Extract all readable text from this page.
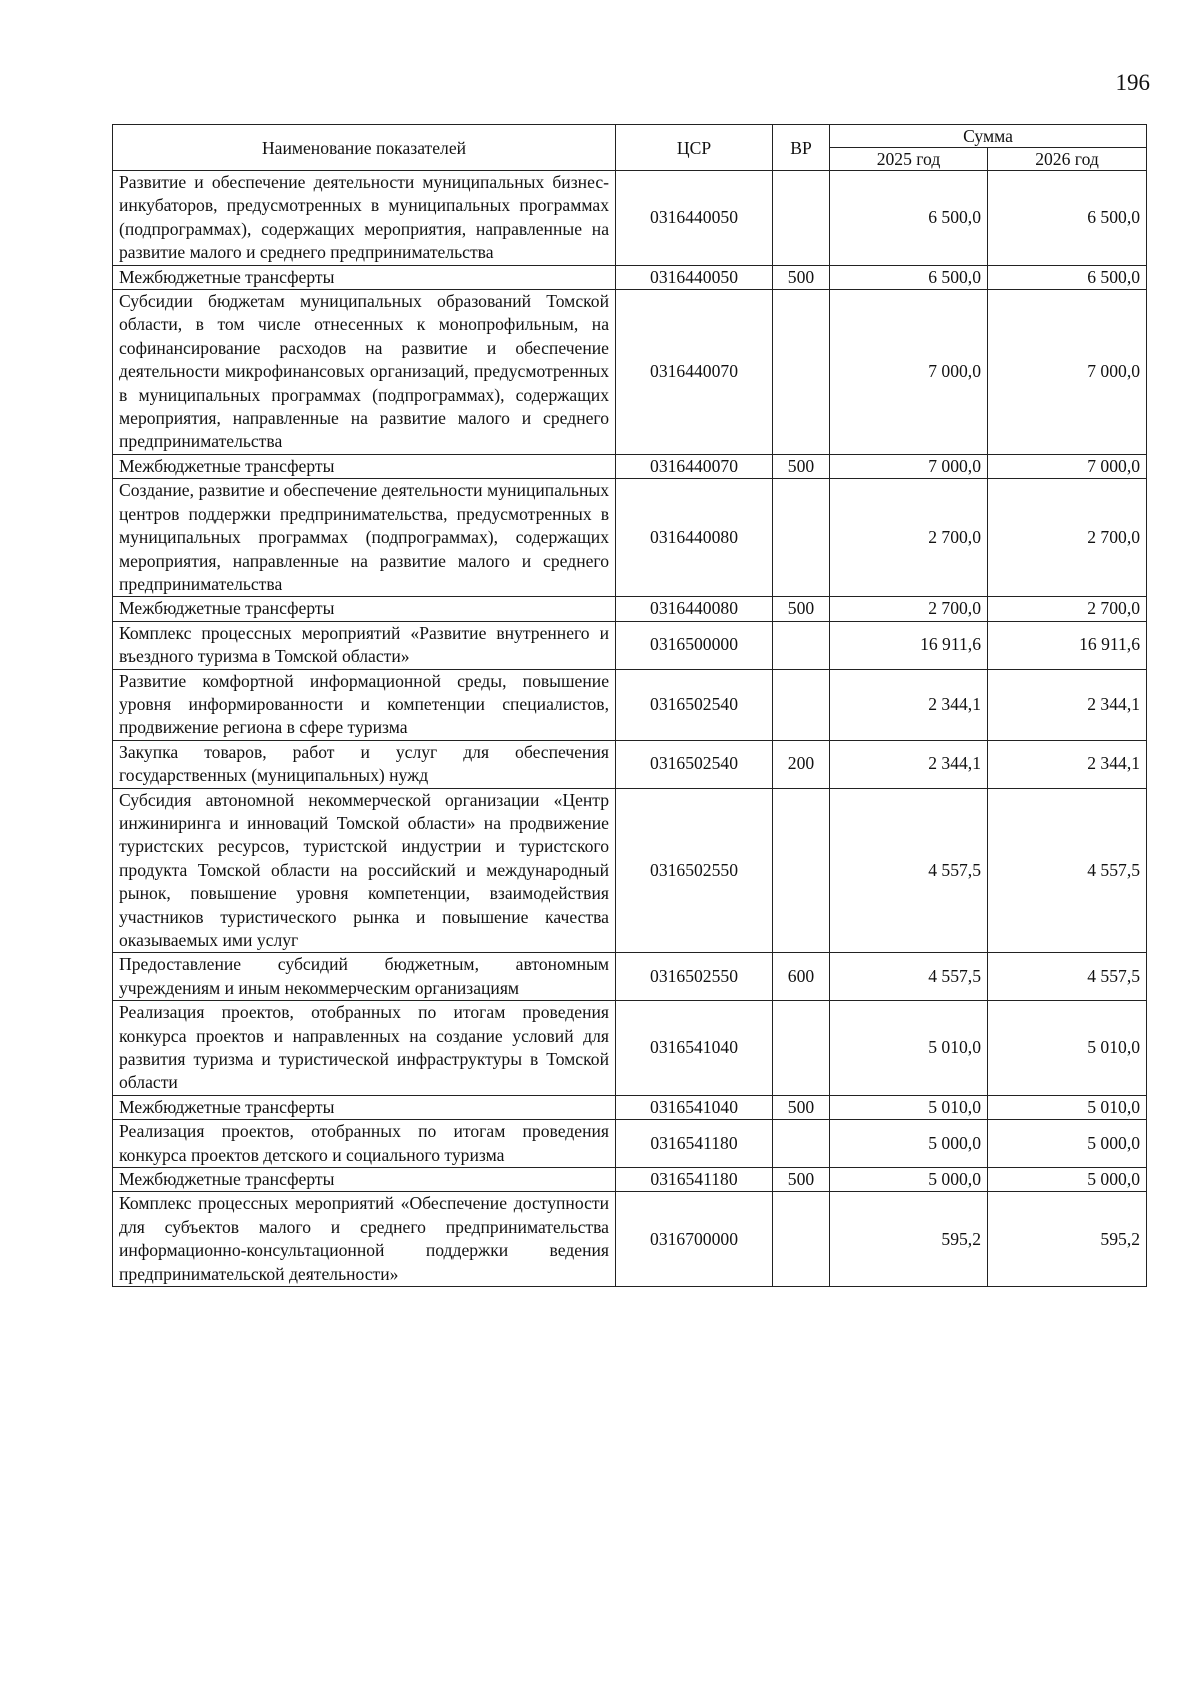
196
Наименование показателей	ЦСР	ВР	Сумма	
			2025 год	2026 год
Развитие и обеспечение деятельности муниципальных бизнес-инкубаторов, предусмотренных в муниципальных программах (подпрограммах), содержащих мероприятия, направленные на развитие малого и среднего предпринимательства	0316440050		6 500,0	6 500,0
Межбюджетные трансферты	0316440050	500	6 500,0	6 500,0
Субсидии бюджетам муниципальных образований Томской области, в том числе отнесенных к монопрофильным, на софинансирование расходов на развитие и обеспечение деятельности микрофинансовых организаций, предусмотренных в муниципальных программах (подпрограммах), содержащих мероприятия, направленные на развитие малого и среднего предпринимательства	0316440070		7 000,0	7 000,0
Межбюджетные трансферты	0316440070	500	7 000,0	7 000,0
Создание, развитие и обеспечение деятельности муниципальных центров поддержки предпринимательства, предусмотренных в муниципальных программах (подпрограммах), содержащих мероприятия, направленные на развитие малого и среднего предпринимательства	0316440080		2 700,0	2 700,0
Межбюджетные трансферты	0316440080	500	2 700,0	2 700,0
Комплекс процессных мероприятий «Развитие внутреннего и въездного туризма в Томской области»	0316500000		16 911,6	16 911,6
Развитие комфортной информационной среды, повышение уровня информированности и компетенции специалистов, продвижение региона в сфере туризма	0316502540		2 344,1	2 344,1
Закупка товаров, работ и услуг для обеспечения государственных (муниципальных) нужд	0316502540	200	2 344,1	2 344,1
Субсидия автономной некоммерческой организации «Центр инжиниринга и инноваций Томской области» на продвижение туристских ресурсов, туристской индустрии и туристского продукта Томской области на российский и международный рынок, повышение уровня компетенции, взаимодействия участников туристического рынка и повышение качества оказываемых ими услуг	0316502550		4 557,5	4 557,5
Предоставление субсидий бюджетным, автономным учреждениям и иным некоммерческим организациям	0316502550	600	4 557,5	4 557,5
Реализация проектов, отобранных по итогам проведения конкурса проектов и направленных на создание условий для развития туризма и туристической инфраструктуры в Томской области	0316541040		5 010,0	5 010,0
Межбюджетные трансферты	0316541040	500	5 010,0	5 010,0
Реализация проектов, отобранных по итогам проведения конкурса проектов детского и социального туризма	0316541180		5 000,0	5 000,0
Межбюджетные трансферты	0316541180	500	5 000,0	5 000,0
Комплекс процессных мероприятий «Обеспечение доступности для субъектов малого и среднего предпринимательства информационно-консультационной поддержки ведения предпринимательской деятельности»	0316700000		595,2	595,2
